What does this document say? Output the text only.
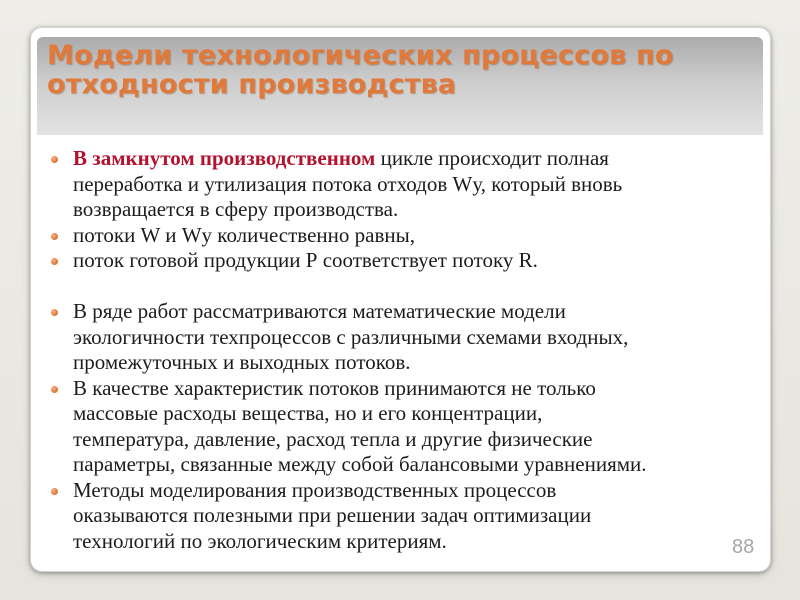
Модели технологических процессов по
отходности производства
В замкнутом производственном цикле происходит полная
переработка и утилизация потока отходов Wу, который вновь
возвращается в сферу производства.
потоки W и Wу количественно равны,
поток готовой продукции Р соответствует потоку R.
В ряде работ рассматриваются математические модели
экологичности техпроцессов с различными схемами входных,
промежуточных и выходных потоков.
В качестве характеристик потоков принимаются не только
массовые расходы вещества, но и его концентрации,
температура, давление, расход тепла и другие физические
параметры, связанные между собой балансовыми уравнениями.
Методы моделирования производственных процессов
оказываются полезными при решении задач оптимизации
технологий по экологическим критериям.	88
